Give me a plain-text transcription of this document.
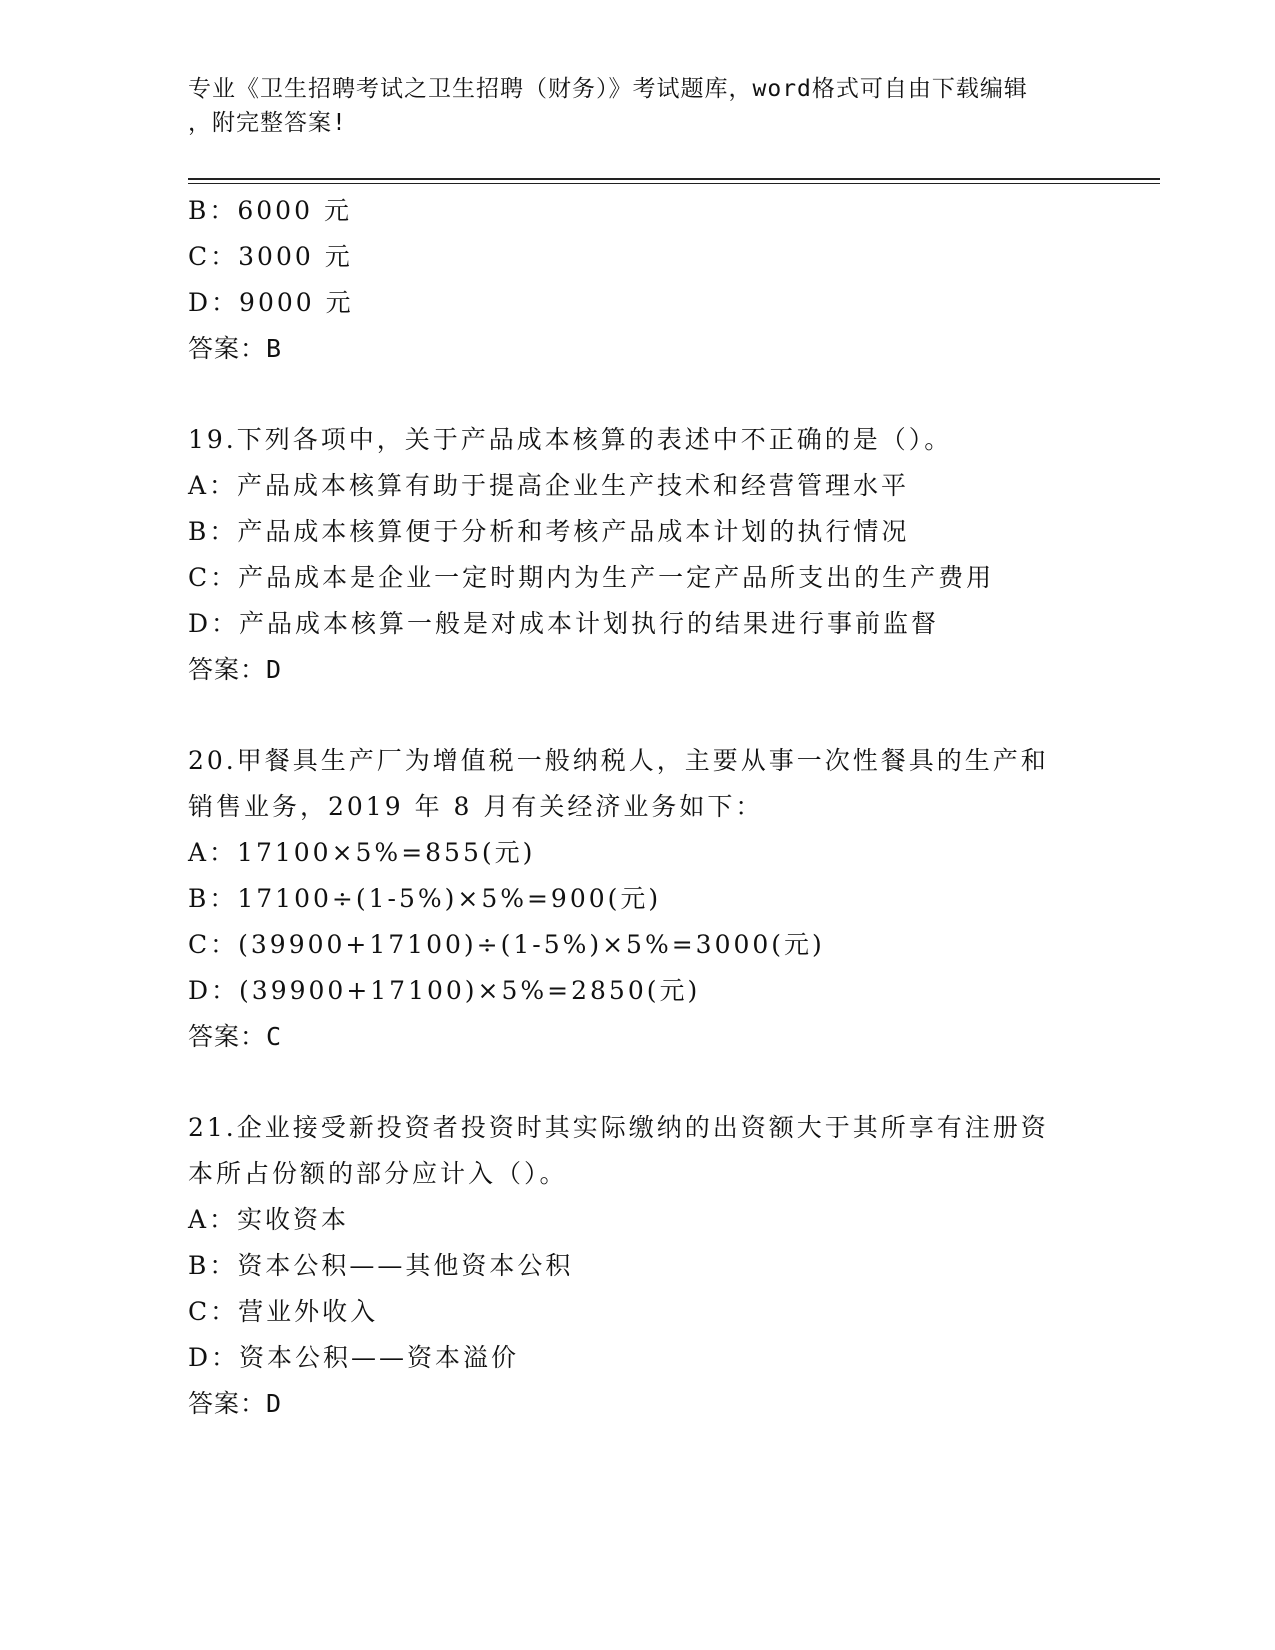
专业《卫生招聘考试之卫生招聘（财务）》考试题库，word格式可自由下载编辑
，附完整答案!
B：6000 元
C：3000 元
D：9000 元
答案：B
19.下列各项中，关于产品成本核算的表述中不正确的是（）。
A：产品成本核算有助于提高企业生产技术和经营管理水平
B：产品成本核算便于分析和考核产品成本计划的执行情况
C：产品成本是企业一定时期内为生产一定产品所支出的生产费用
D：产品成本核算一般是对成本计划执行的结果进行事前监督
答案：D
20.甲餐具生产厂为增值税一般纳税人，主要从事一次性餐具的生产和
销售业务，2019 年 8 月有关经济业务如下：
A：17100×5%=855(元)
B：17100÷(1-5%)×5%=900(元)
C：(39900+17100)÷(1-5%)×5%=3000(元)
D：(39900+17100)×5%=2850(元)
答案：C
21.企业接受新投资者投资时其实际缴纳的出资额大于其所享有注册资
本所占份额的部分应计入（）。
A：实收资本
B：资本公积——其他资本公积
C：营业外收入
D：资本公积——资本溢价
答案：D
